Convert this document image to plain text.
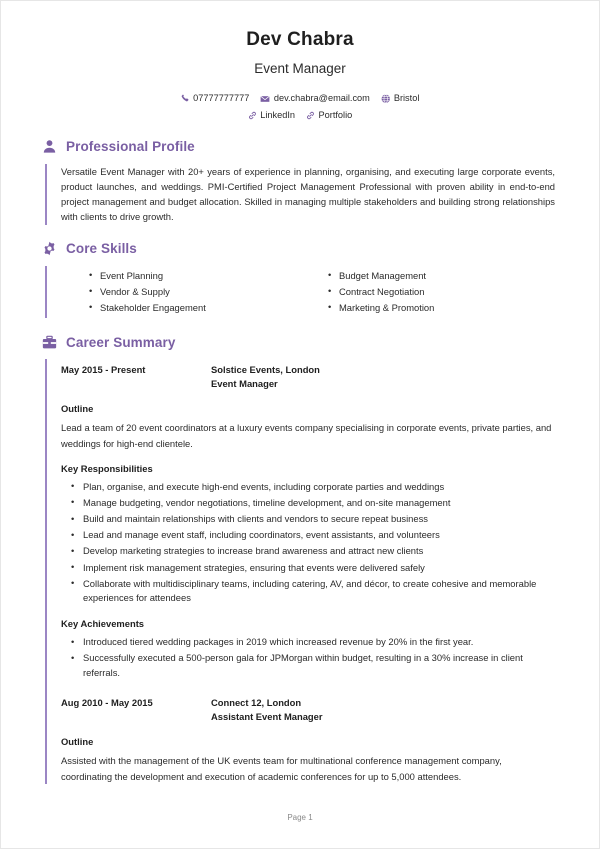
Dev Chabra
Event Manager
07777777777	dev.chabra@email.com	Bristol
LinkedIn	Portfolio
Professional Profile

Versatile Event Manager with 20+ years of experience in planning, organising, and executing large corporate events, product launches, and weddings. PMI-Certified Project Management Professional with proven ability in end-to-end project management and budget allocation. Skilled in managing multiple stakeholders and building strong relationships with clients to drive growth.

Core Skills
• Event Planning
• Vendor & Supply
• Stakeholder Engagement
• Budget Management
• Contract Negotiation
• Marketing & Promotion
Career Summary
May 2015 - Present	Solstice Events, London
Event Manager
Outline

Lead a team of 20 event coordinators at a luxury events company specialising in corporate events, private parties, and weddings for high-end clientele.

Key Responsibilities
• Plan, organise, and execute high-end events, including corporate parties and weddings
• Manage budgeting, vendor negotiations, timeline development, and on-site management
• Build and maintain relationships with clients and vendors to secure repeat business
• Lead and manage event staff, including coordinators, event assistants, and volunteers
• Develop marketing strategies to increase brand awareness and attract new clients
• Implement risk management strategies, ensuring that events were delivered safely
• Collaborate with multidisciplinary teams, including catering, AV, and décor, to create cohesive and memorable experiences for attendees
Key Achievements
• Introduced tiered wedding packages in 2019 which increased revenue by 20% in the first year.
• Successfully executed a 500-person gala for JPMorgan within budget, resulting in a 30% increase in client referrals.
Aug 2010 - May 2015	Connect 12, London
Assistant Event Manager
Outline

Assisted with the management of the UK events team for multinational conference management company, coordinating the development and execution of academic conferences for up to 5,000 attendees.

Page 1
